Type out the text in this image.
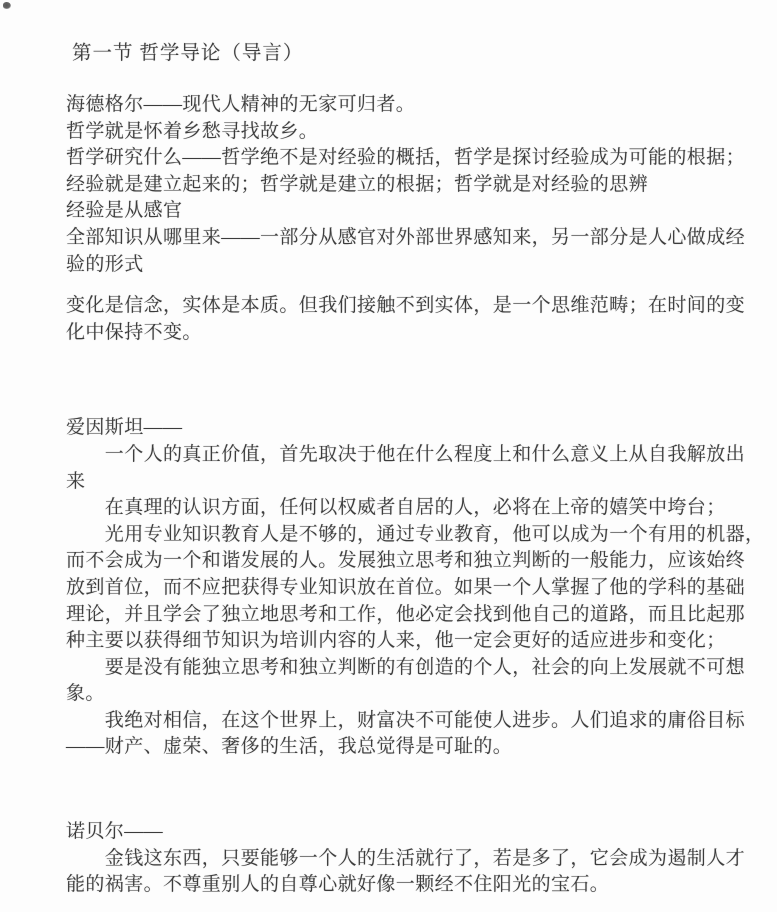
第一节 哲学导论（导言）
海德格尔——现代人精神的无家可归者。
哲学就是怀着乡愁寻找故乡。
哲学研究什么——哲学绝不是对经验的概括，哲学是探讨经验成为可能的根据；
经验就是建立起来的；哲学就是建立的根据；哲学就是对经验的思辨
经验是从感官
全部知识从哪里来——一部分从感官对外部世界感知来，另一部分是人心做成经
验的形式
变化是信念，实体是本质。但我们接触不到实体，是一个思维范畴；在时间的变
化中保持不变。
爱因斯坦——
　　一个人的真正价值，首先取决于他在什么程度上和什么意义上从自我解放出
来
　　在真理的认识方面，任何以权威者自居的人，必将在上帝的嬉笑中垮台；
　　光用专业知识教育人是不够的，通过专业教育，他可以成为一个有用的机器，
而不会成为一个和谐发展的人。发展独立思考和独立判断的一般能力，应该始终
放到首位，而不应把获得专业知识放在首位。如果一个人掌握了他的学科的基础
理论，并且学会了独立地思考和工作，他必定会找到他自己的道路，而且比起那
种主要以获得细节知识为培训内容的人来，他一定会更好的适应进步和变化；
　　要是没有能独立思考和独立判断的有创造的个人，社会的向上发展就不可想
象。
　　我绝对相信，在这个世界上，财富决不可能使人进步。人们追求的庸俗目标
——财产、虚荣、奢侈的生活，我总觉得是可耻的。
诺贝尔——
　　金钱这东西，只要能够一个人的生活就行了，若是多了，它会成为遏制人才
能的祸害。不尊重别人的自尊心就好像一颗经不住阳光的宝石。
